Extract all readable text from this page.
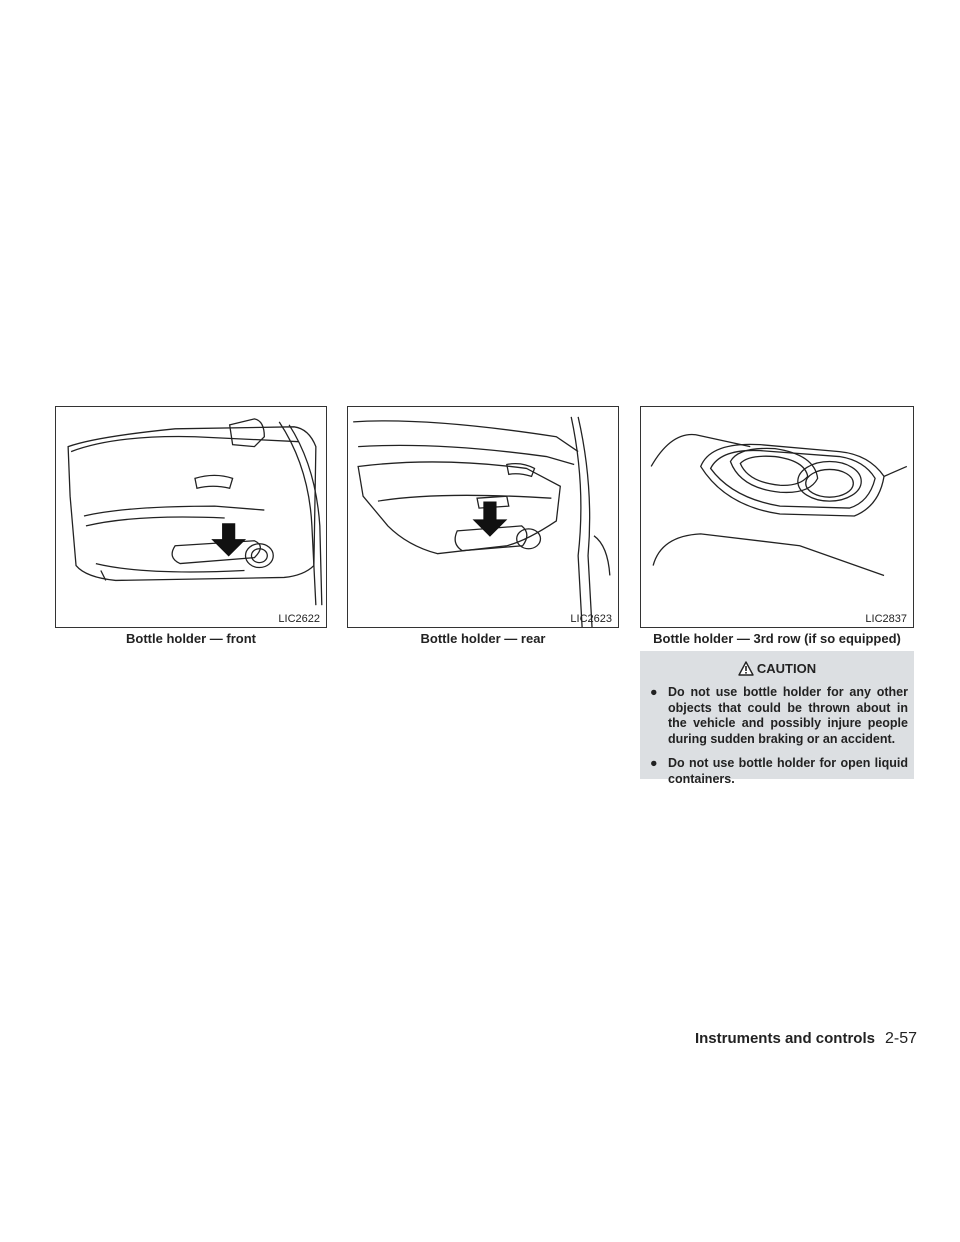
LIC2622	LIC2623	LIC2837
Bottle holder — front	Bottle holder — rear	Bottle holder — 3rd row (if so equipped)
CAUTION
● Do not use bottle holder for any other objects that could be thrown about in the vehicle and possibly injure people during sudden braking or an accident.
● Do not use bottle holder for open liquid containers.
Instruments and controls 2-57
